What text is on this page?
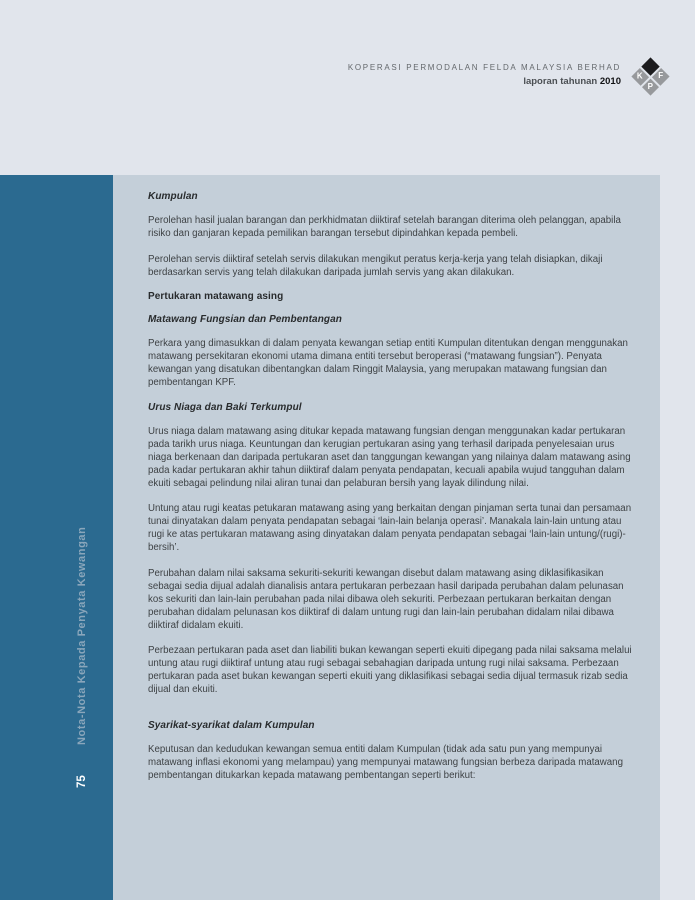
KOPERASI PERMODALAN FELDA MALAYSIA BERHAD
laporan tahunan 2010
F
K
P
Nota-Nota Kepada Penyata Kewangan
75
Kumpulan

Perolehan hasil jualan barangan dan perkhidmatan diiktiraf setelah barangan diterima oleh pelanggan, apabila risiko dan ganjaran kepada pemilikan barangan tersebut dipindahkan kepada pembeli.

Perolehan servis diiktiraf setelah servis dilakukan mengikut peratus kerja-kerja yang telah disiapkan, dikaji berdasarkan servis yang telah dilakukan daripada jumlah servis yang akan dilakukan.

Pertukaran matawang asing
Matawang Fungsian dan Pembentangan

Perkara yang dimasukkan di dalam penyata kewangan setiap entiti Kumpulan ditentukan dengan menggunakan matawang persekitaran ekonomi utama dimana entiti tersebut beroperasi (“matawang fungsian”). Penyata kewangan yang disatukan dibentangkan dalam Ringgit Malaysia, yang merupakan matawang fungsian dan pembentangan KPF.

Urus Niaga dan Baki Terkumpul

Urus niaga dalam matawang asing ditukar kepada matawang fungsian dengan menggunakan kadar pertukaran pada tarikh urus niaga. Keuntungan dan kerugian pertukaran asing yang terhasil daripada penyelesaian urus niaga berkenaan dan daripada pertukaran aset dan tanggungan kewangan yang nilainya dalam matawang asing pada kadar pertukaran akhir tahun diiktiraf dalam penyata pendapatan, kecuali apabila wujud tangguhan dalam ekuiti sebagai pelindung nilai aliran tunai dan pelaburan bersih yang layak dilindung nilai.

Untung atau rugi keatas petukaran matawang asing yang berkaitan dengan pinjaman serta tunai dan persamaan tunai dinyatakan dalam penyata pendapatan sebagai ‘lain-lain belanja operasi’. Manakala lain-lain untung atau rugi ke atas pertukaran matawang asing dinyatakan dalam penyata pendapatan sebagai ‘lain-lain untung/(rugi)-bersih’.

Perubahan dalam nilai saksama sekuriti-sekuriti kewangan disebut dalam matawang asing diklasifikasikan sebagai sedia dijual adalah dianalisis antara pertukaran perbezaan hasil daripada perubahan dalam pelunasan kos sekuriti dan lain-lain perubahan pada nilai dibawa oleh sekuriti. Perbezaan pertukaran berkaitan dengan perubahan didalam pelunasan kos diiktiraf di dalam untung rugi dan lain-lain perubahan didalam nilai dibawa diiktiraf didalam ekuiti.

Perbezaan pertukaran pada aset dan liabiliti bukan kewangan seperti ekuiti dipegang pada nilai saksama melalui untung atau rugi diiktiraf untung atau rugi sebagai sebahagian daripada untung rugi nilai saksama. Perbezaan pertukaran pada aset bukan kewangan seperti ekuiti yang diklasifikasi sebagai sedia dijual termasuk rizab sedia dijual dan ekuiti.

Syarikat-syarikat dalam Kumpulan

Keputusan dan kedudukan kewangan semua entiti dalam Kumpulan (tidak ada satu pun yang mempunyai matawang inflasi ekonomi yang melampau) yang mempunyai matawang fungsian berbeza daripada matawang pembentangan ditukarkan kepada matawang pembentangan seperti berikut:
